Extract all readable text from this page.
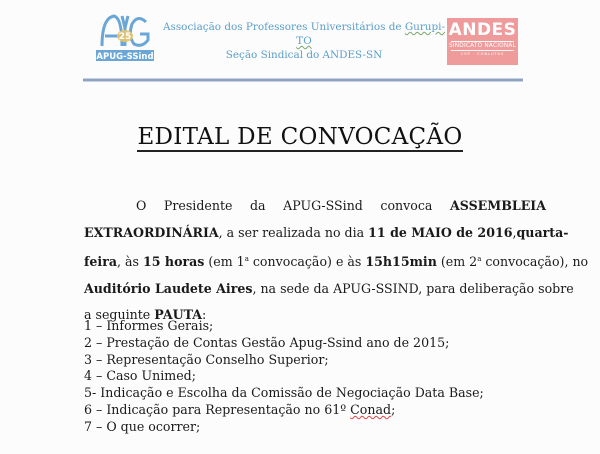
25
APUG-SSind
Associação dos Professores Universitários de Gurupi-TO
Seção Sindical do ANDES-SN
ANDES
SINDICATO NACIONAL
CSP · CONLUTAS
EDITAL DE CONVOCAÇÃO
O Presidente da APUG-SSind convoca ASSEMBLEIA
EXTRAORDINÁRIA, a ser realizada no dia 11 de MAIO de 2016, quarta-
feira, às 15 horas (em 1$^a$ convocação) e às 15h15min (em 2$^a$ convocação), no
Auditório Laudete Aires, na sede da APUG-SSIND, para deliberação sobre
a seguinte PAUTA:
1 – Informes Gerais;
2 – Prestação de Contas Gestão Apug-Ssind ano de 2015;
3 – Representação Conselho Superior;
4 – Caso Unimed;
5- Indicação e Escolha da Comissão de Negociação Data Base;
6 – Indicação para Representação no 61º Conad;
7 – O que ocorrer;
